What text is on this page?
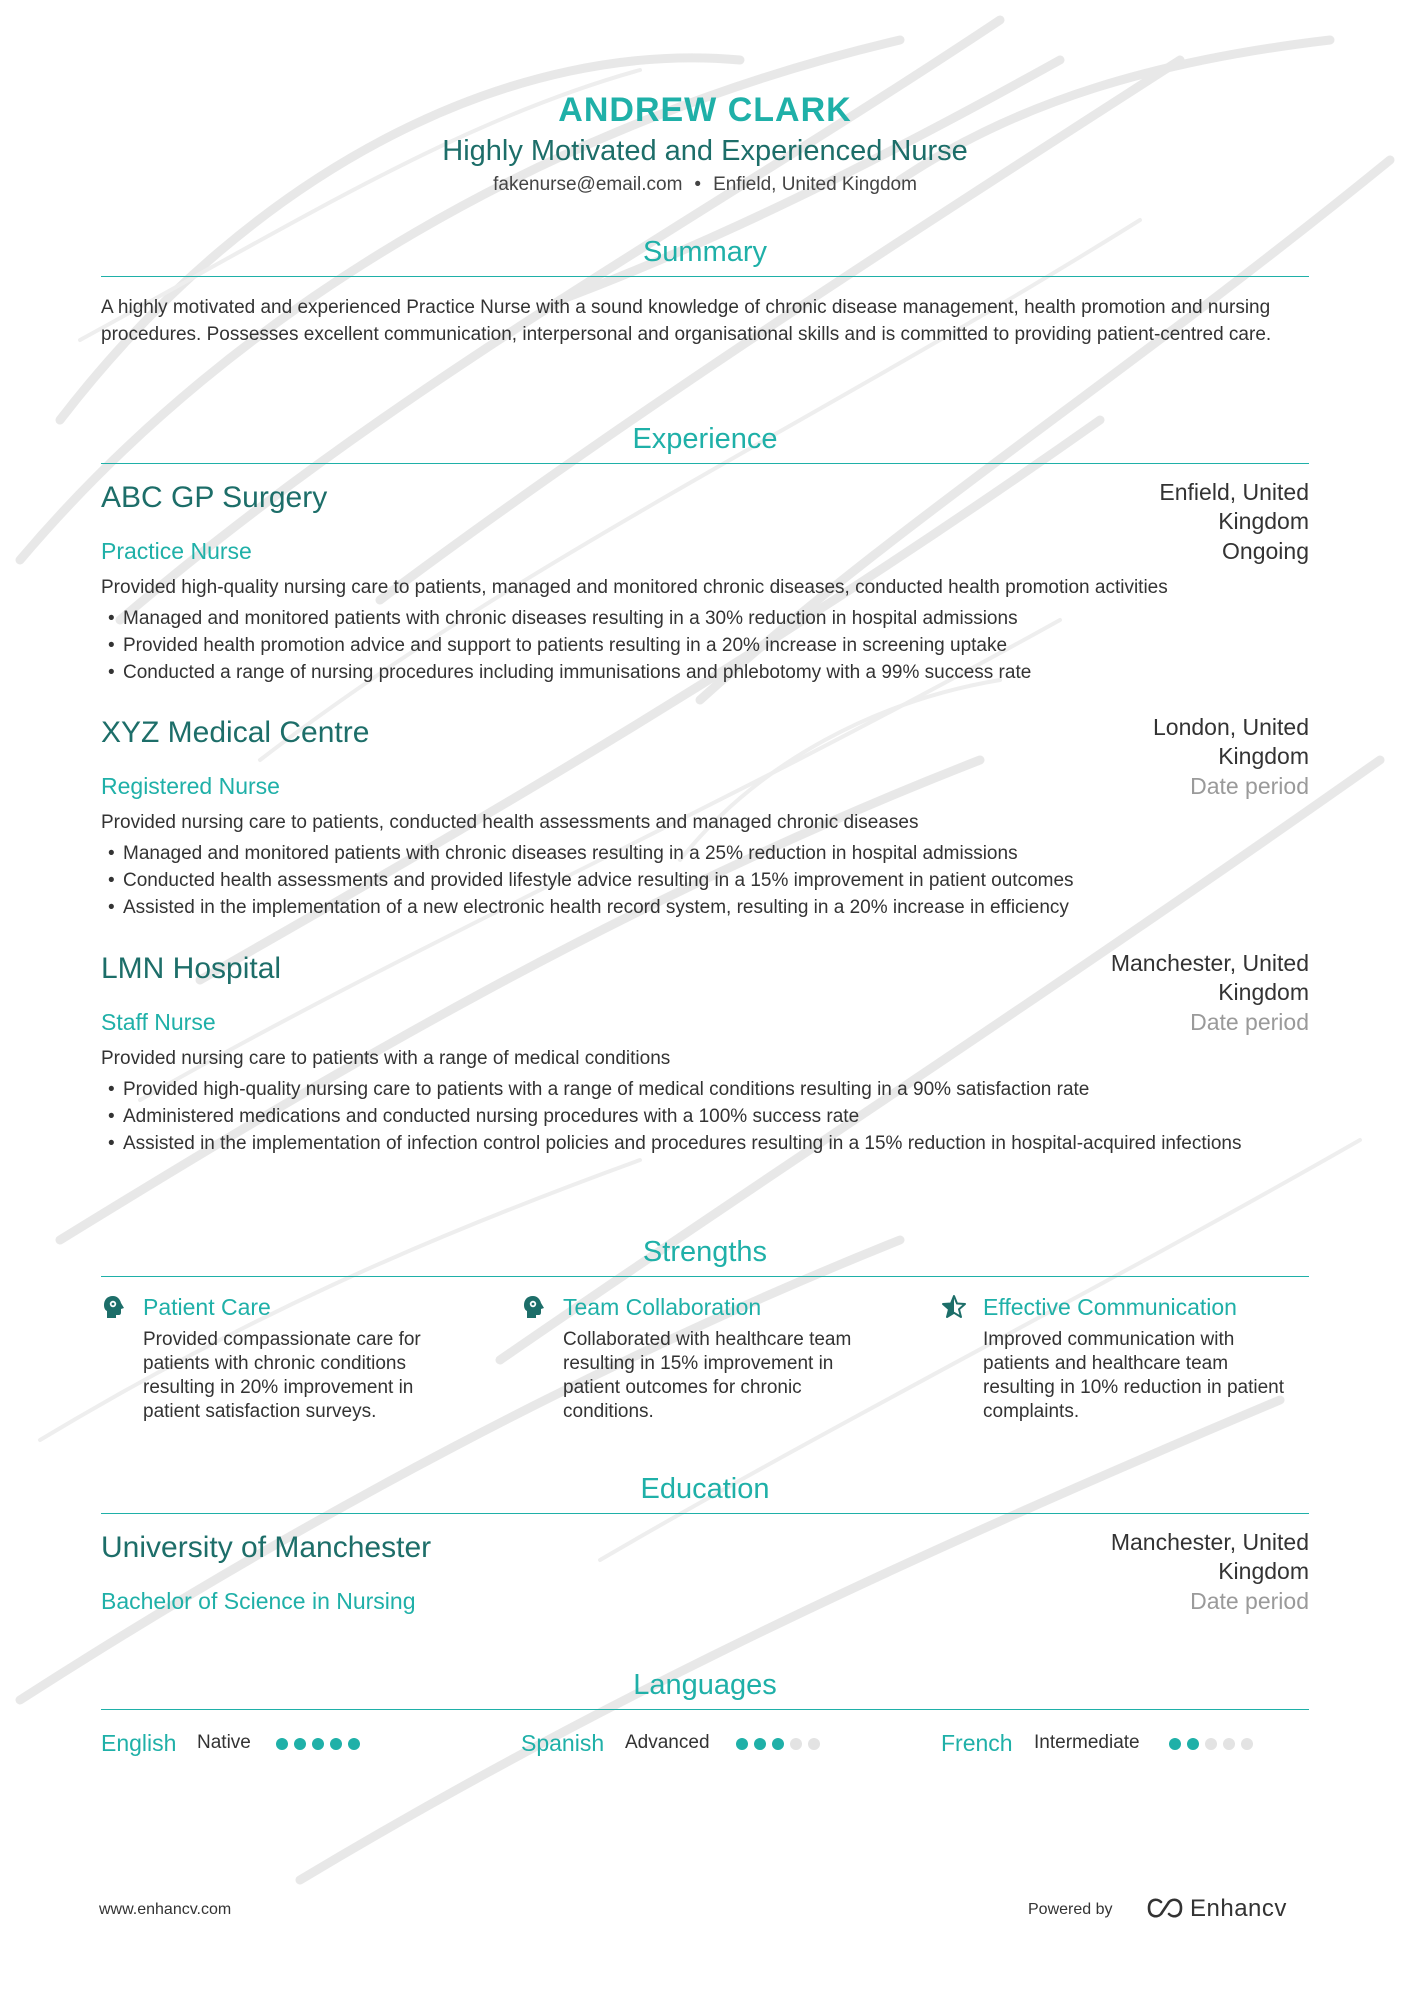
ANDREW CLARK
Highly Motivated and Experienced Nurse
fakenurse@email.com • Enfield, United Kingdom
Summary
A highly motivated and experienced Practice Nurse with a sound knowledge of chronic disease management, health promotion and nursing procedures. Possesses excellent communication, interpersonal and organisational skills and is committed to providing patient-centred care.
Experience
ABC GP Surgery	Enfield, United Kingdom
Practice Nurse	Ongoing
Provided high-quality nursing care to patients, managed and monitored chronic diseases, conducted health promotion activities
• Managed and monitored patients with chronic diseases resulting in a 30% reduction in hospital admissions
• Provided health promotion advice and support to patients resulting in a 20% increase in screening uptake
• Conducted a range of nursing procedures including immunisations and phlebotomy with a 99% success rate
XYZ Medical Centre	London, United Kingdom
Registered Nurse	Date period
Provided nursing care to patients, conducted health assessments and managed chronic diseases
• Managed and monitored patients with chronic diseases resulting in a 25% reduction in hospital admissions
• Conducted health assessments and provided lifestyle advice resulting in a 15% improvement in patient outcomes
• Assisted in the implementation of a new electronic health record system, resulting in a 20% increase in efficiency
LMN Hospital	Manchester, United Kingdom
Staff Nurse	Date period
Provided nursing care to patients with a range of medical conditions
• Provided high-quality nursing care to patients with a range of medical conditions resulting in a 90% satisfaction rate
• Administered medications and conducted nursing procedures with a 100% success rate
• Assisted in the implementation of infection control policies and procedures resulting in a 15% reduction in hospital-acquired infections
Strengths
Patient Care
Provided compassionate care for patients with chronic conditions resulting in 20% improvement in patient satisfaction surveys.
Team Collaboration
Collaborated with healthcare team resulting in 15% improvement in patient outcomes for chronic conditions.
Effective Communication
Improved communication with patients and healthcare team resulting in 10% reduction in patient complaints.
Education
University of Manchester	Manchester, United Kingdom
Bachelor of Science in Nursing	Date period
Languages
English Native	Spanish Advanced	French Intermediate
www.enhancv.com	Powered by	Enhancv
